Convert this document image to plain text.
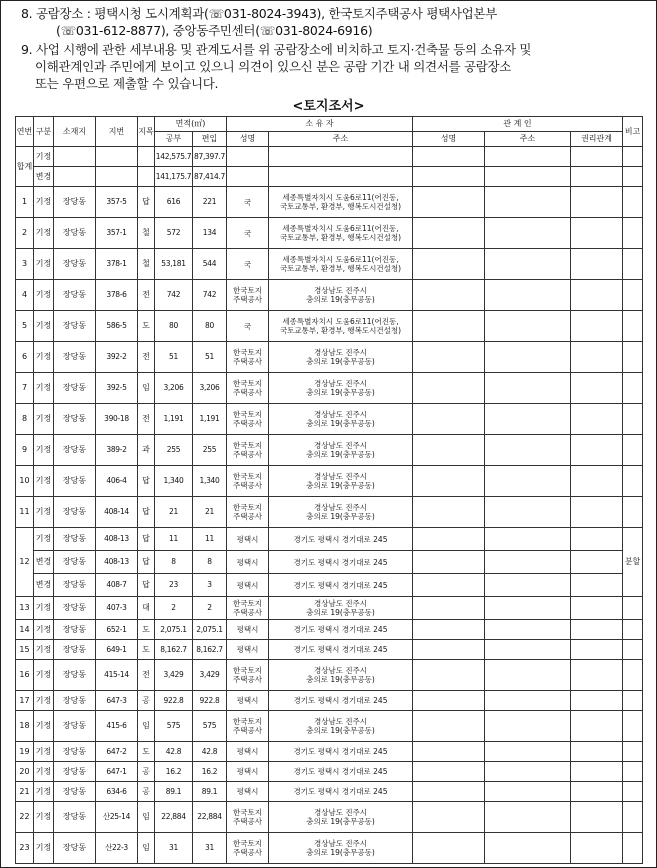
8. 공람장소 : 평택시청 도시계획과(☏031-8024-3943), 한국토지주택공사 평택사업본부
(☏031-612-8877), 중앙동주민센터(☏031-8024-6916)
9. 사업 시행에 관한 세부내용 및 관계도서를 위 공람장소에 비치하고 토지·건축물 등의 소유자 및
이해관계인과 주민에게 보이고 있으니 의견이 있으신 분은 공람 기간 내 의견서를 공람장소
또는 우편으로 제출할 수 있습니다.
<토지조서>
연번	구분	소재지	지번	지목	면적(㎡)		소 유 자		관 계 인			비고
					공부	편입	성명	주소	성명	주소	권리관계	
합계	기정				142,575.7	87,397.7						
	변경				141,175.7	87,414.7						
1	기정	장당동	357-5	답	616	221	국	세종특별자치시 도움6로11(어진동,
국토교통부, 환경부, 행복도시건설청)				
2	기정	장당동	357-1	철	572	134	국	세종특별자치시 도움6로11(어진동,
국토교통부, 환경부, 행복도시건설청)				
3	기정	장당동	378-1	철	53,181	544	국	세종특별자치시 도움6로11(어진동,
국토교통부, 환경부, 행복도시건설청)				
4	기정	장당동	378-6	전	742	742	한국토지
주택공사	경상남도 진주시
충의로 19(충무공동)				
5	기정	장당동	586-5	도	80	80	국	세종특별자치시 도움6로11(어진동,
국토교통부, 환경부, 행복도시건설청)				
6	기정	장당동	392-2	전	51	51	한국토지
주택공사	경상남도 진주시
충의로 19(충무공동)				
7	기정	장당동	392-5	임	3,206	3,206	한국토지
주택공사	경상남도 진주시
충의로 19(충무공동)				
8	기정	장당동	390-18	전	1,191	1,191	한국토지
주택공사	경상남도 진주시
충의로 19(충무공동)				
9	기정	장당동	389-2	과	255	255	한국토지
주택공사	경상남도 진주시
충의로 19(충무공동)				
10	기정	장당동	406-4	답	1,340	1,340	한국토지
주택공사	경상남도 진주시
충의로 19(충무공동)				
11	기정	장당동	408-14	답	21	21	한국토지
주택공사	경상남도 진주시
충의로 19(충무공동)				
12	기정	장당동	408-13	답	11	11	평택시	경기도 평택시 경기대로 245				분할
	변경	장당동	408-13	답	8	8	평택시	경기도 평택시 경기대로 245				
	변경	장당동	408-7	답	23	3	평택시	경기도 평택시 경기대로 245				
13	기정	장당동	407-3	대	2	2	한국토지
주택공사	경상남도 진주시
충의로 19(충무공동)				
14	기정	장당동	652-1	도	2,075.1	2,075.1	평택시	경기도 평택시 경기대로 245				
15	기정	장당동	649-1	도	8,162.7	8,162.7	평택시	경기도 평택시 경기대로 245				
16	기정	장당동	415-14	전	3,429	3,429	한국토지
주택공사	경상남도 진주시
충의로 19(충무공동)				
17	기정	장당동	647-3	공	922.8	922.8	평택시	경기도 평택시 경기대로 245				
18	기정	장당동	415-6	임	575	575	한국토지
주택공사	경상남도 진주시
충의로 19(충무공동)				
19	기정	장당동	647-2	도	42.8	42.8	평택시	경기도 평택시 경기대로 245				
20	기정	장당동	647-1	공	16.2	16.2	평택시	경기도 평택시 경기대로 245				
21	기정	장당동	634-6	공	89.1	89.1	평택시	경기도 평택시 경기대로 245				
22	기정	장당동	산25-14	임	22,884	22,884	한국토지
주택공사	경상남도 진주시
충의로 19(충무공동)				
23	기정	장당동	산22-3	임	31	31	한국토지
주택공사	경상남도 진주시
충의로 19(충무공동)				
